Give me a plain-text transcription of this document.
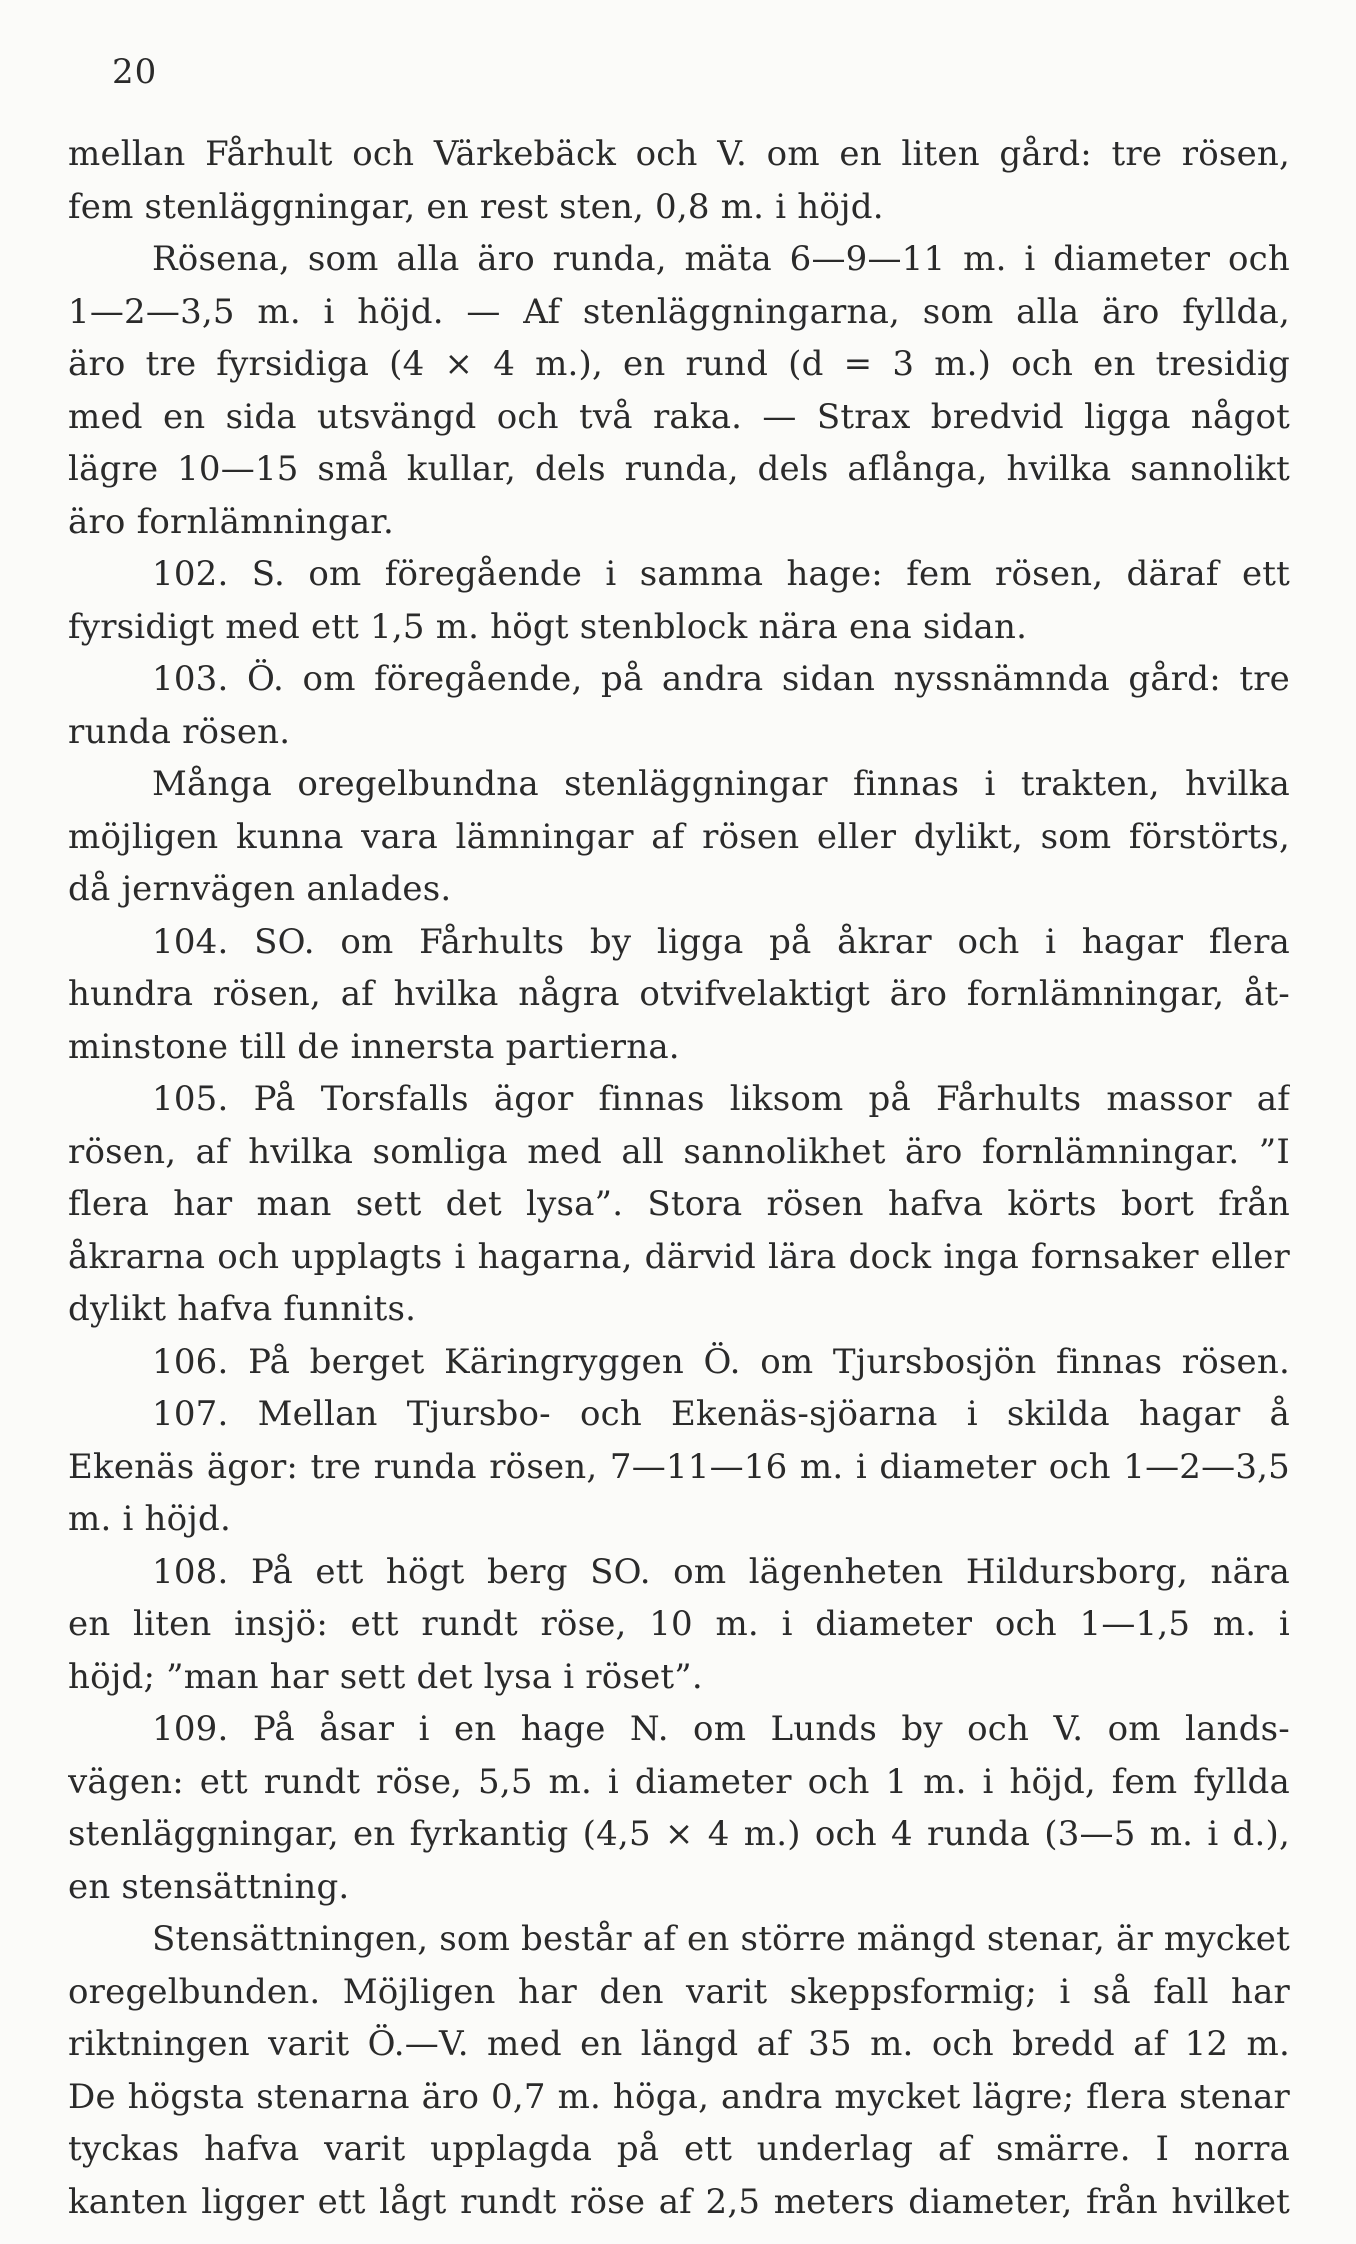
20
mellan Fårhult och Värkebäck och V. om en liten gård: tre rösen,
fem stenläggningar, en rest sten, 0,8 m. i höjd.
Rösena, som alla äro runda, mäta 6—9—11 m. i diameter och
1—2—3,5 m. i höjd. — Af stenläggningarna, som alla äro fyllda,
äro tre fyrsidiga (4 × 4 m.), en rund (d = 3 m.) och en tresidig
med en sida utsvängd och två raka. — Strax bredvid ligga något
lägre 10—15 små kullar, dels runda, dels aflånga, hvilka sannolikt
äro fornlämningar.
102. S. om föregående i samma hage: fem rösen, däraf ett
fyrsidigt med ett 1,5 m. högt stenblock nära ena sidan.
103. Ö. om föregående, på andra sidan nyssnämnda gård: tre
runda rösen.
Många oregelbundna stenläggningar finnas i trakten, hvilka
möjligen kunna vara lämningar af rösen eller dylikt, som förstörts,
då jernvägen anlades.
104. SO. om Fårhults by ligga på åkrar och i hagar flera
hundra rösen, af hvilka några otvifvelaktigt äro fornlämningar, åt-
minstone till de innersta partierna.
105. På Torsfalls ägor finnas liksom på Fårhults massor af
rösen, af hvilka somliga med all sannolikhet äro fornlämningar. ”I
flera har man sett det lysa”. Stora rösen hafva körts bort från
åkrarna och upplagts i hagarna, därvid lära dock inga fornsaker eller
dylikt hafva funnits.
106. På berget Käringryggen Ö. om Tjursbosjön finnas rösen.
107. Mellan Tjursbo- och Ekenäs-sjöarna i skilda hagar å
Ekenäs ägor: tre runda rösen, 7—11—16 m. i diameter och 1—2—3,5
m. i höjd.
108. På ett högt berg SO. om lägenheten Hildursborg, nära
en liten insjö: ett rundt röse, 10 m. i diameter och 1—1,5 m. i
höjd; ”man har sett det lysa i röset”.
109. På åsar i en hage N. om Lunds by och V. om lands-
vägen: ett rundt röse, 5,5 m. i diameter och 1 m. i höjd, fem fyllda
stenläggningar, en fyrkantig (4,5 × 4 m.) och 4 runda (3—5 m. i d.),
en stensättning.
Stensättningen, som består af en större mängd stenar, är mycket
oregelbunden. Möjligen har den varit skeppsformig; i så fall har
riktningen varit Ö.—V. med en längd af 35 m. och bredd af 12 m.
De högsta stenarna äro 0,7 m. höga, andra mycket lägre; flera stenar
tyckas hafva varit upplagda på ett underlag af smärre. I norra
kanten ligger ett lågt rundt röse af 2,5 meters diameter, från hvilket
